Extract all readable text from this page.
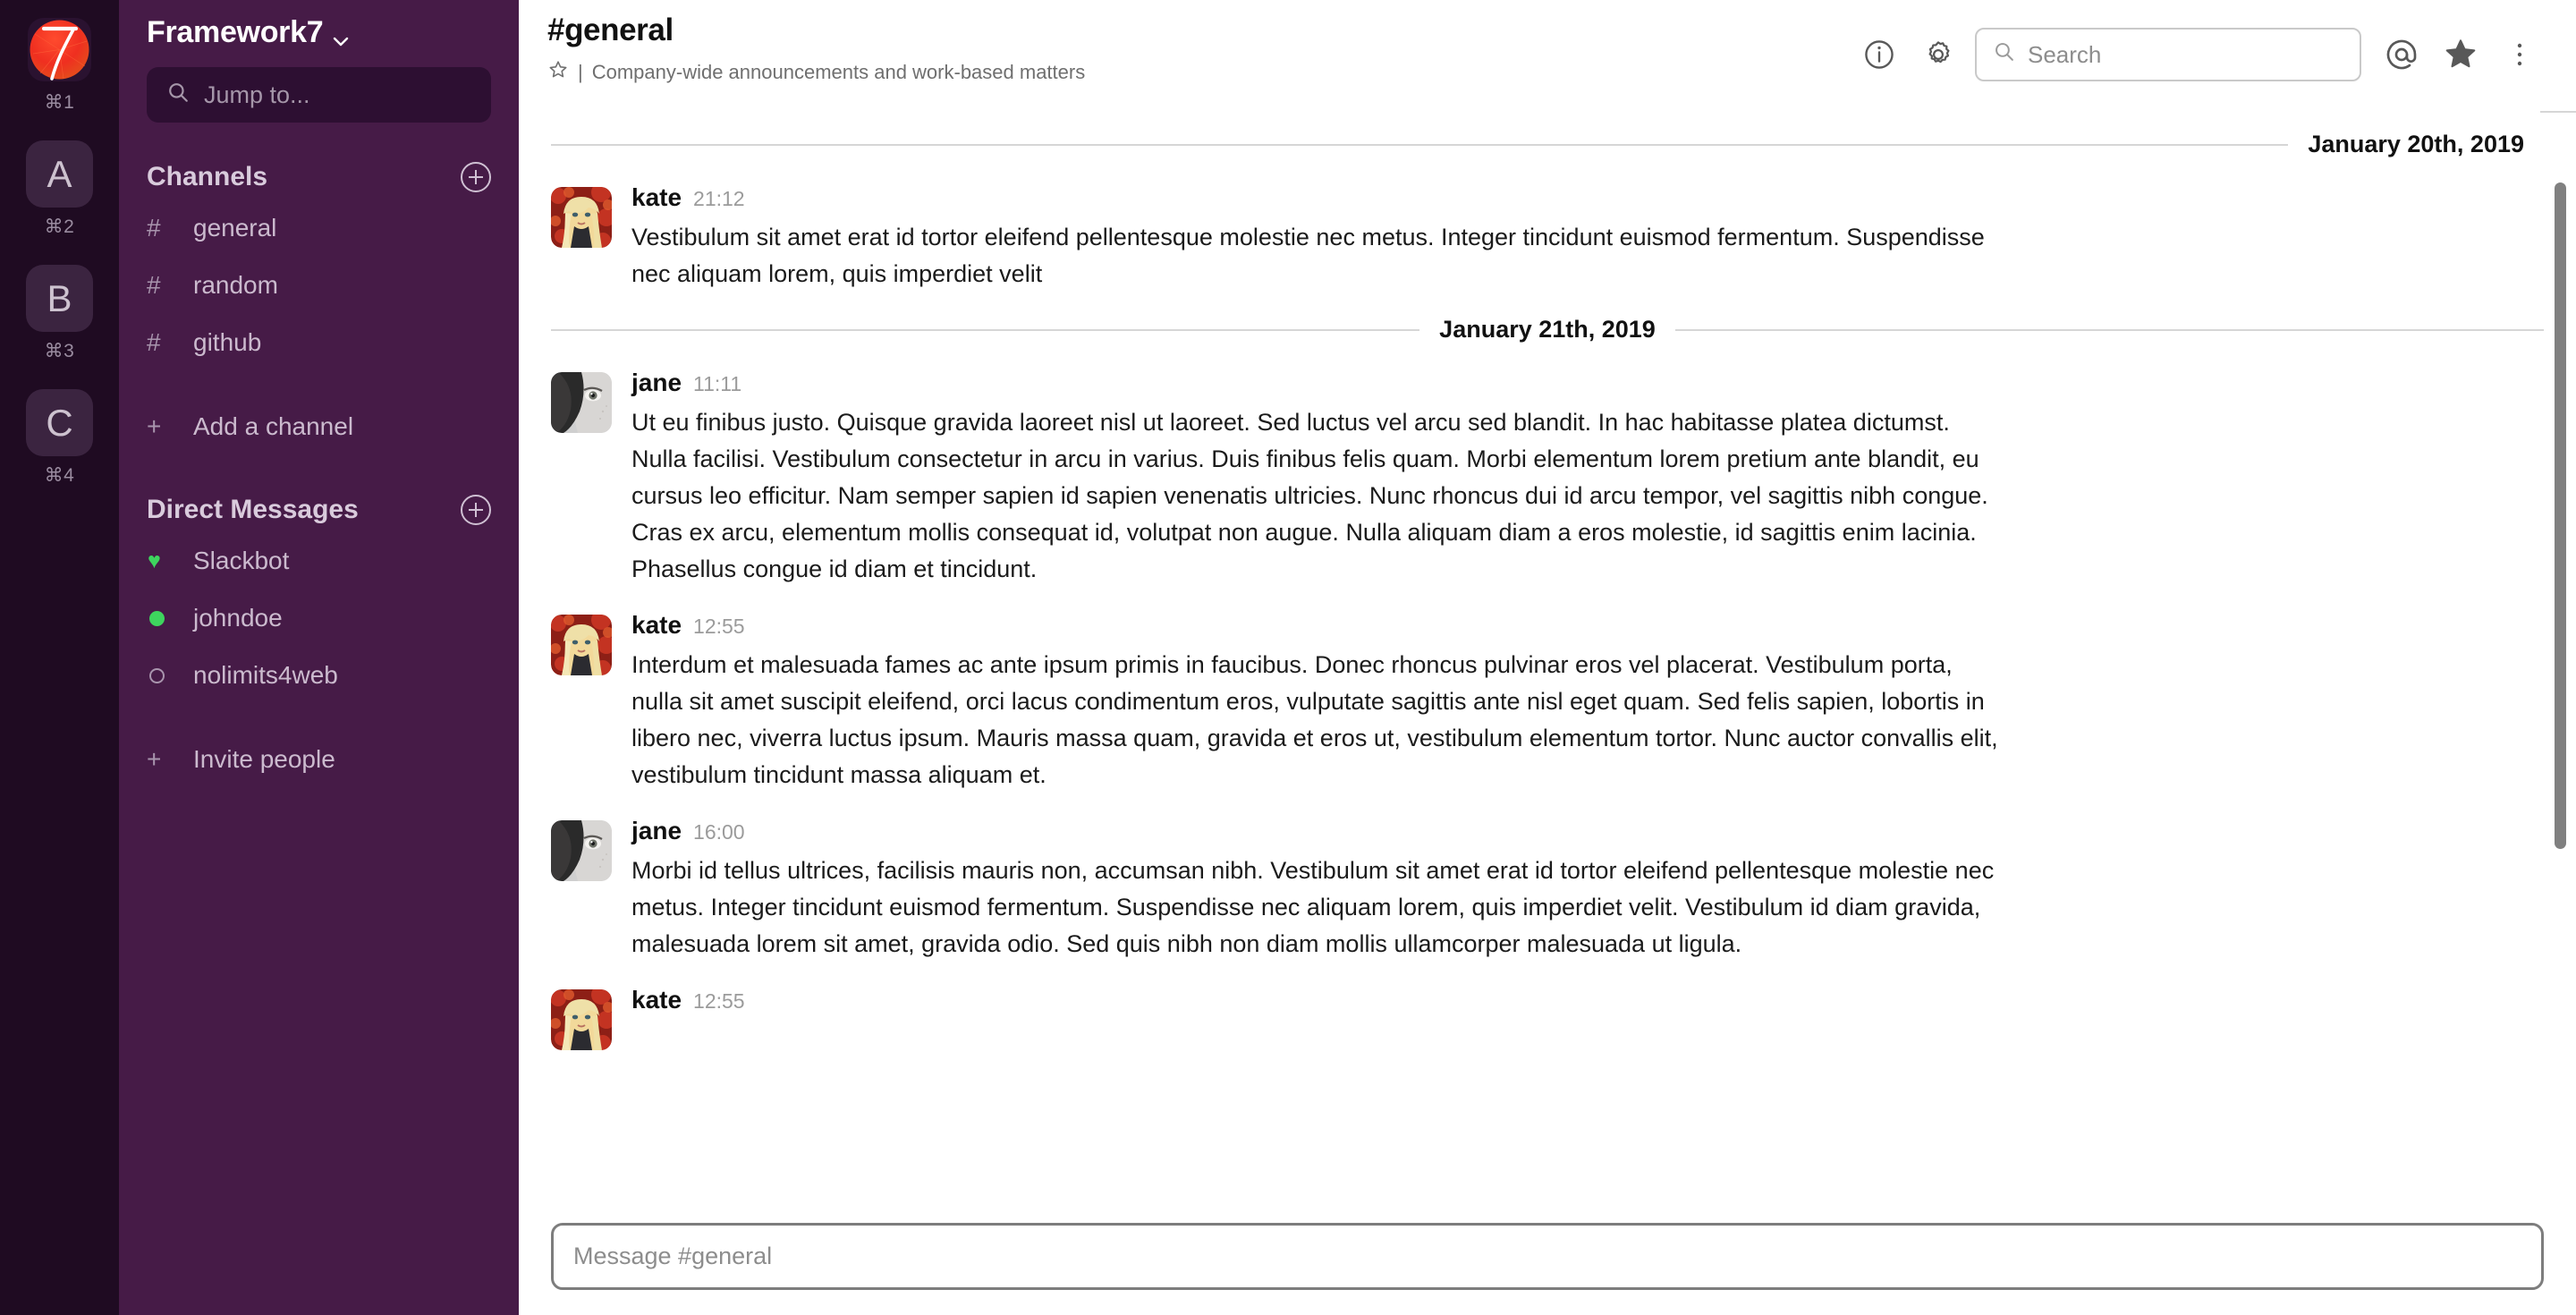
⌘1
A
⌘2
B
⌘3
C
⌘4
Framework7
Jump to...
Channels
#	general
#	random
#	github
+	Add a channel
Direct Messages
♥ Slackbot
johndoe
nolimits4web
+	Invite people
#general
| Company-wide announcements and work-based matters
Search
January 20th, 2019
kate 21:12
Vestibulum sit amet erat id tortor eleifend pellentesque molestie nec metus. Integer tincidunt euismod fermentum. Suspendisse nec aliquam lorem, quis imperdiet velit
January 21th, 2019
jane 11:11
Ut eu finibus justo. Quisque gravida laoreet nisl ut laoreet. Sed luctus vel arcu sed blandit. In hac habitasse platea dictumst. Nulla facilisi. Vestibulum consectetur in arcu in varius. Duis finibus felis quam. Morbi elementum lorem pretium ante blandit, eu cursus leo efficitur. Nam semper sapien id sapien venenatis ultricies. Nunc rhoncus dui id arcu tempor, vel sagittis nibh congue. Cras ex arcu, elementum mollis consequat id, volutpat non augue. Nulla aliquam diam a eros molestie, id sagittis enim lacinia. Phasellus congue id diam et tincidunt.
kate 12:55
Interdum et malesuada fames ac ante ipsum primis in faucibus. Donec rhoncus pulvinar eros vel placerat. Vestibulum porta, nulla sit amet suscipit eleifend, orci lacus condimentum eros, vulputate sagittis ante nisl eget quam. Sed felis sapien, lobortis in libero nec, viverra luctus ipsum. Mauris massa quam, gravida et eros ut, vestibulum elementum tortor. Nunc auctor convallis elit, vestibulum tincidunt massa aliquam et.
jane 16:00
Morbi id tellus ultrices, facilisis mauris non, accumsan nibh. Vestibulum sit amet erat id tortor eleifend pellentesque molestie nec metus. Integer tincidunt euismod fermentum. Suspendisse nec aliquam lorem, quis imperdiet velit. Vestibulum id diam gravida, malesuada lorem sit amet, gravida odio. Sed quis nibh non diam mollis ullamcorper malesuada ut ligula.
kate 12:55
Message #general
